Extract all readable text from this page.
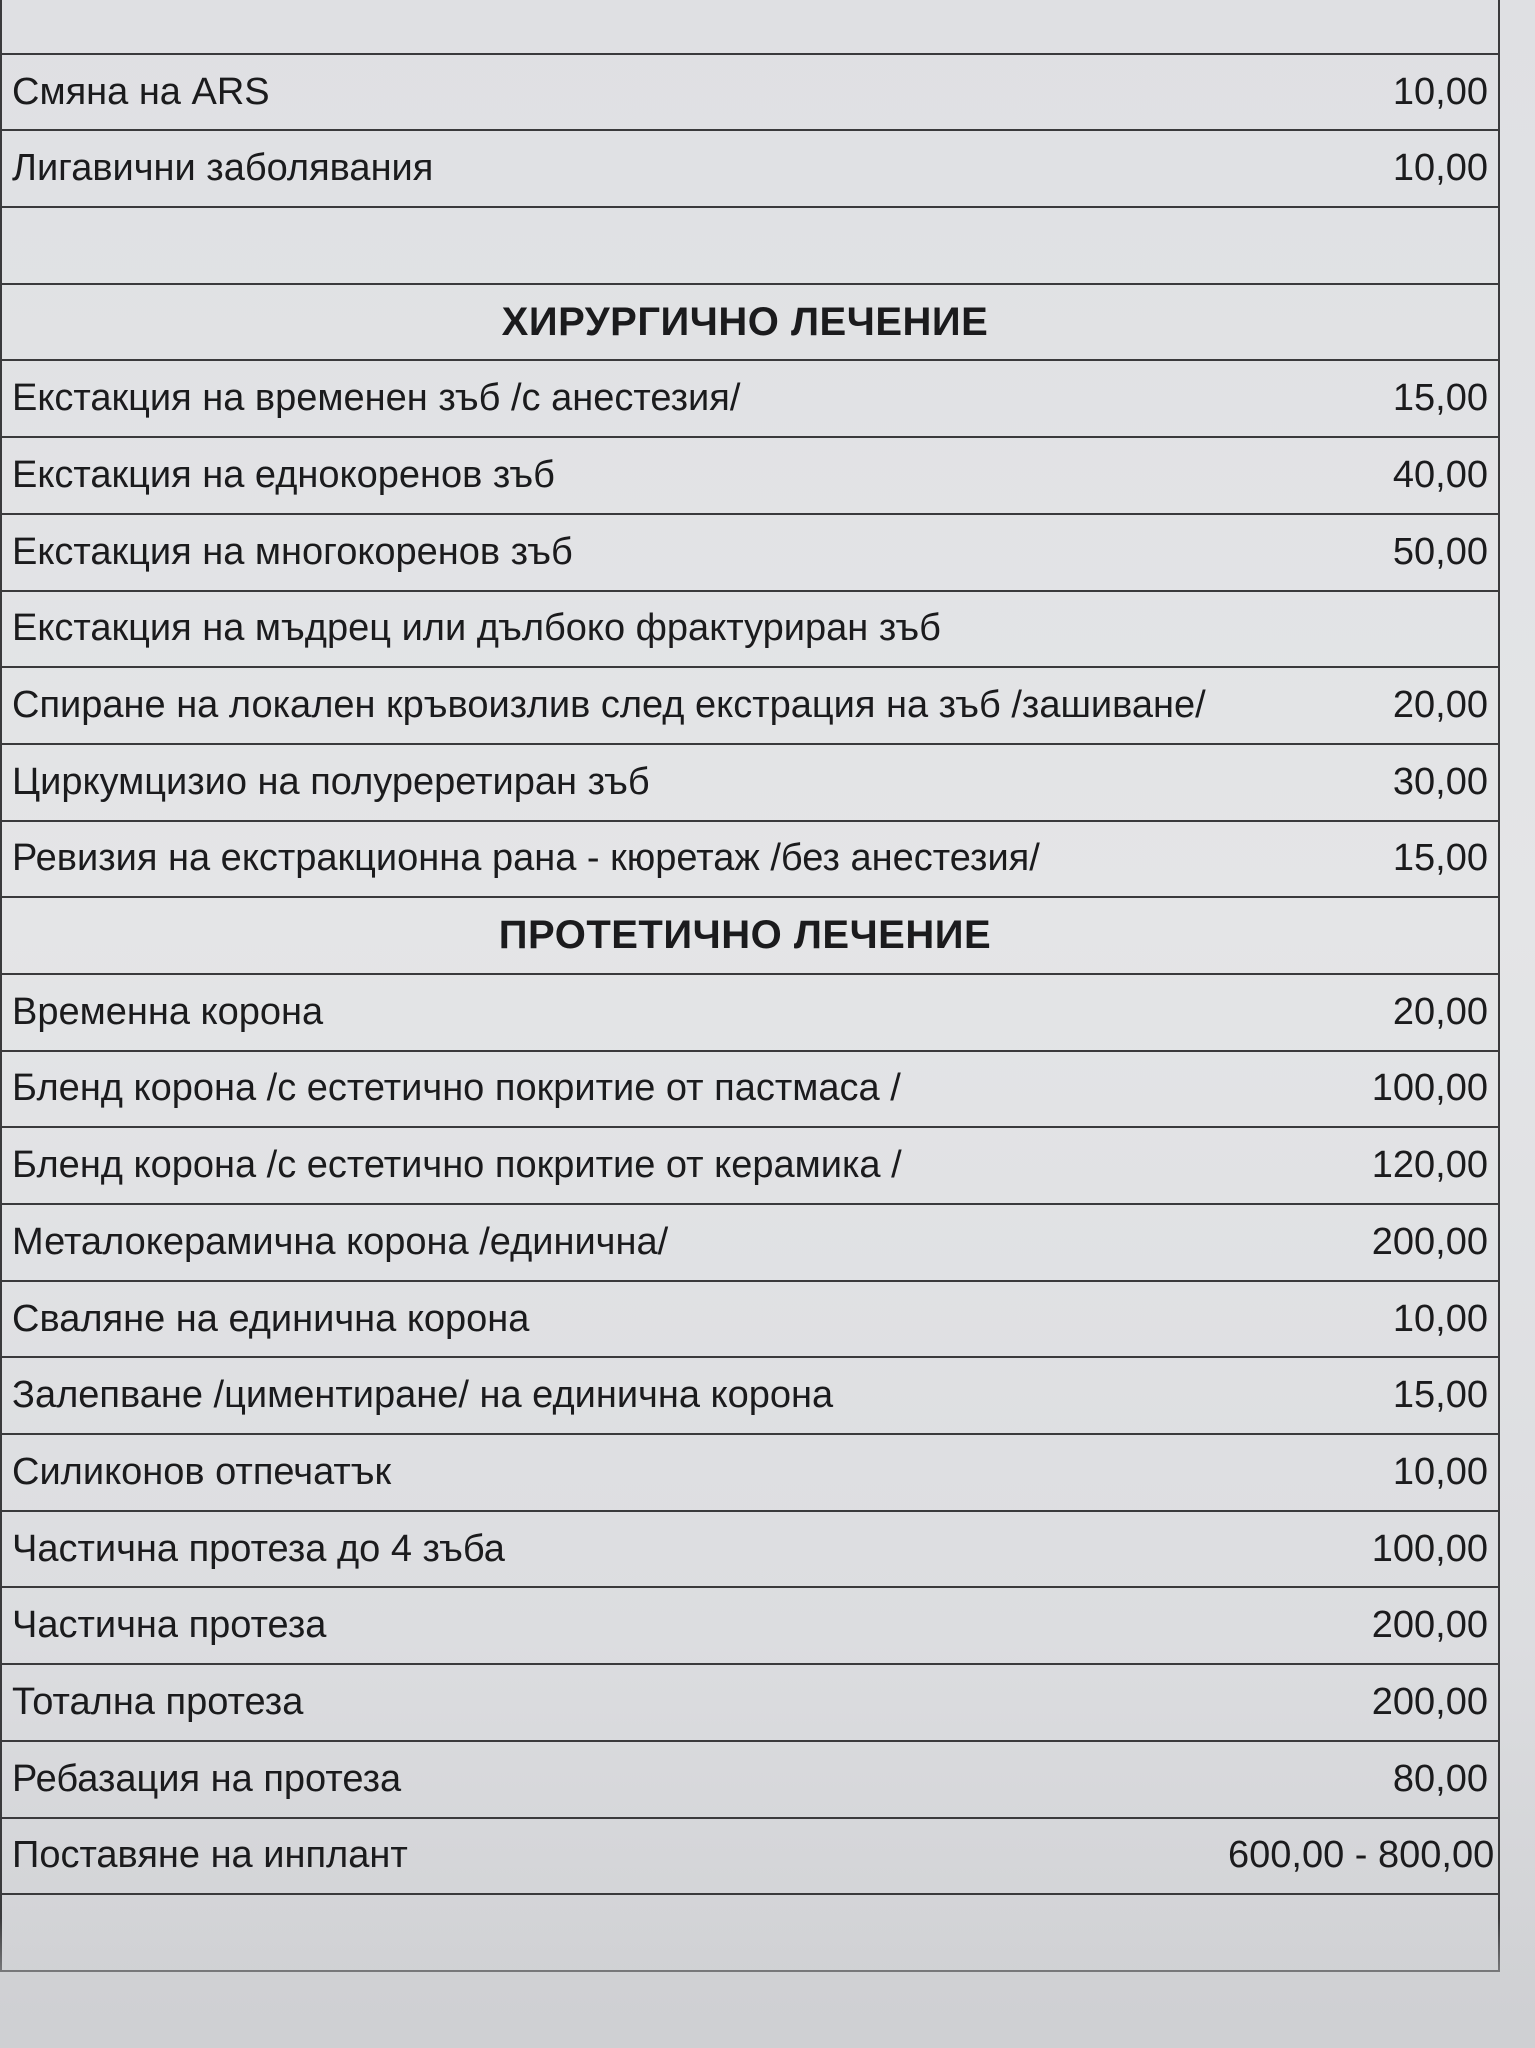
Смяна на ARS	10,00
Лигавични заболявания	10,00

ХИРУРГИЧНО ЛЕЧЕНИЕ	
Екстакция на временен зъб /с анестезия/	15,00
Екстакция на еднокоренов зъб	40,00
Екстакция на многокоренов зъб	50,00
Екстакция на мъдрец или дълбоко фрактуриран зъб	
Спиране на локален кръвоизлив след екстрация на зъб /зашиване/	20,00
Циркумцизио на полуреретиран зъб	30,00
Ревизия на екстракционна рана - кюретаж /без анестезия/	15,00
ПРОТЕТИЧНО ЛЕЧЕНИЕ	
Временна корона	20,00
Бленд корона /с естетично покритие от пастмаса /	100,00
Бленд корона /с естетично покритие от керамика /	120,00
Металокерамична корона /единична/	200,00
Сваляне на единична корона	10,00
Залепване /циментиране/ на единична корона	15,00
Силиконов отпечатък	10,00
Частична протеза до 4 зъба	100,00
Частична протеза	200,00
Тотална протеза	200,00
Ребазация на протеза	80,00
Поставяне на инплант	600,00 - 800,00
